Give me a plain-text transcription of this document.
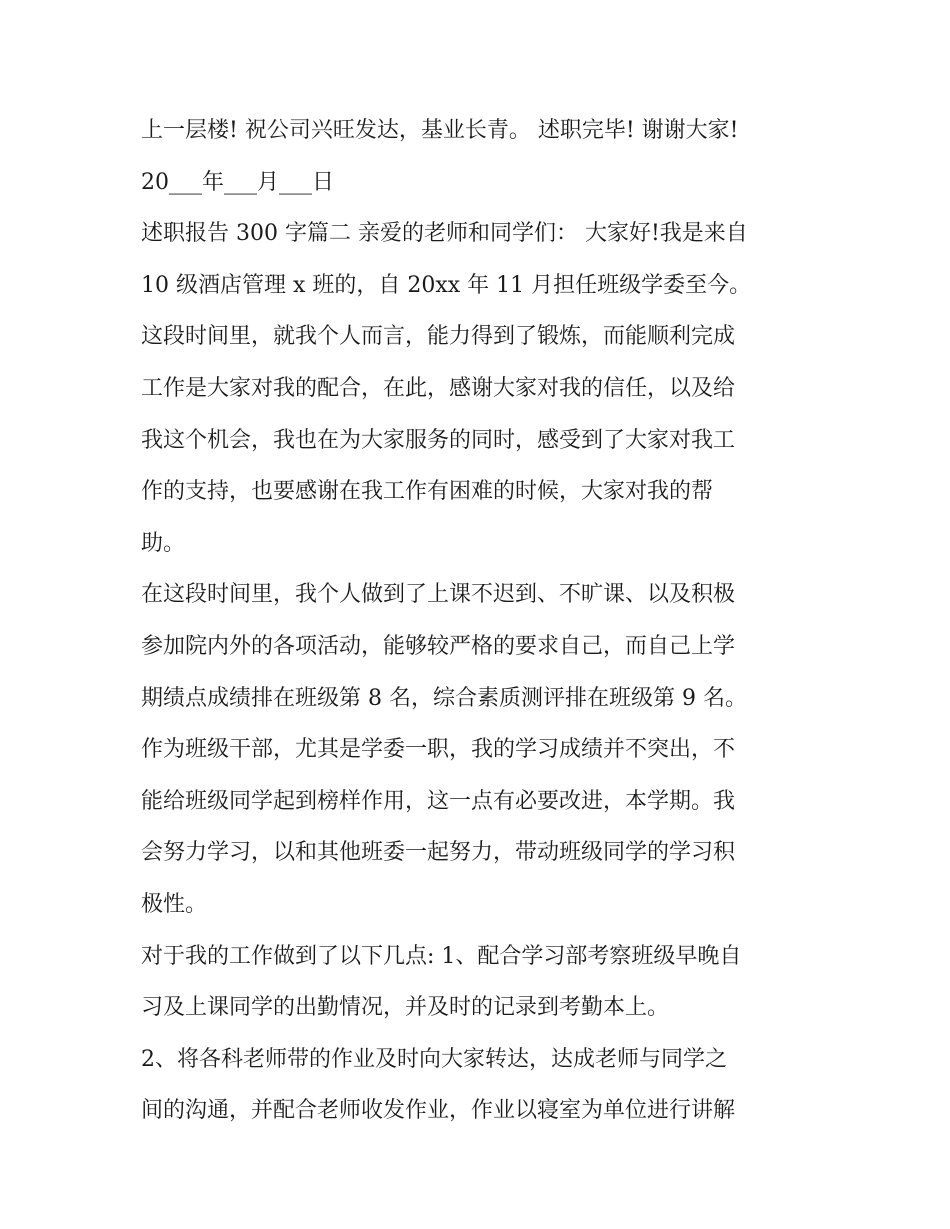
上一层楼! 祝公司兴旺发达，基业长青。 述职完毕! 谢谢大家!
20___年___月___日
述职报告 300 字篇二 亲爱的老师和同学们： 大家好!我是来自
10 级酒店管理 x 班的，自 20xx 年 11 月担任班级学委至今。
这段时间里，就我个人而言，能力得到了锻炼，而能顺利完成
工作是大家对我的配合，在此，感谢大家对我的信任，以及给
我这个机会，我也在为大家服务的同时，感受到了大家对我工
作的支持，也要感谢在我工作有困难的时候，大家对我的帮
助。
在这段时间里，我个人做到了上课不迟到、不旷课、以及积极
参加院内外的各项活动，能够较严格的要求自己，而自己上学
期绩点成绩排在班级第 8 名，综合素质测评排在班级第 9 名。
作为班级干部，尤其是学委一职，我的学习成绩并不突出，不
能给班级同学起到榜样作用，这一点有必要改进，本学期。我
会努力学习，以和其他班委一起努力，带动班级同学的学习积
极性。
对于我的工作做到了以下几点: 1、配合学习部考察班级早晚自
习及上课同学的出勤情况，并及时的记录到考勤本上。
2、将各科老师带的作业及时向大家转达，达成老师与同学之
间的沟通，并配合老师收发作业，作业以寝室为单位进行讲解
